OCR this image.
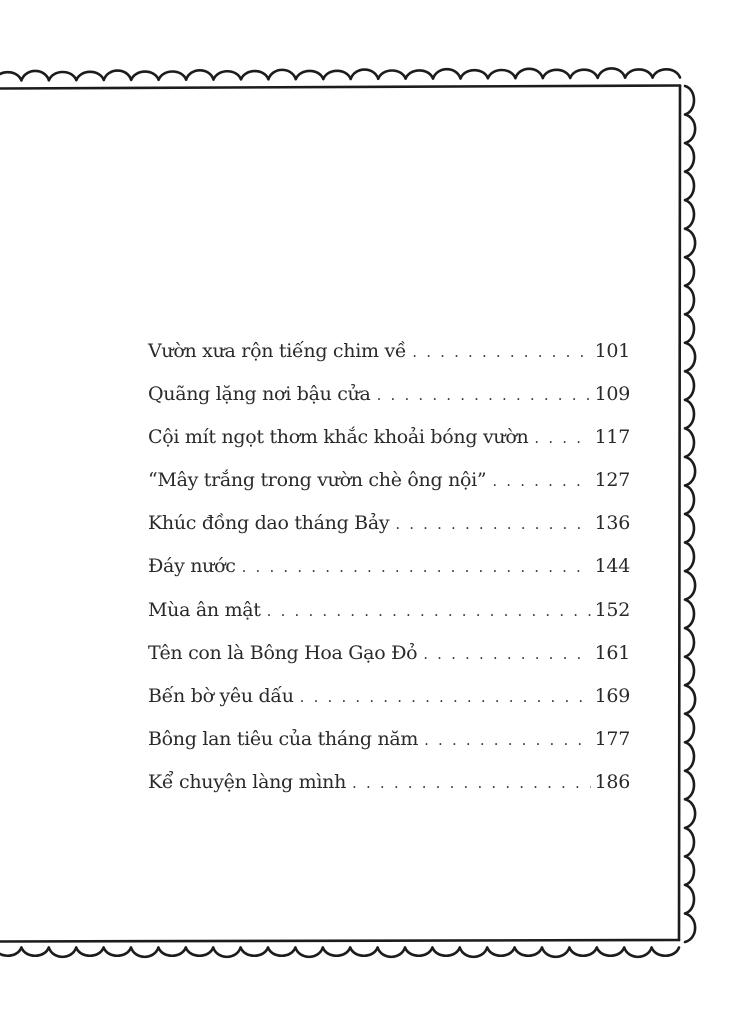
Vườn xưa rộn tiếng chim về . . .	101
Quãng lặng nơi bậu cửa . . .	109
Cội mít ngọt thơm khắc khoải bóng vườn . . .	117
“Mây trắng trong vườn chè ông nội” . . .	127
Khúc đồng dao tháng Bảy . . .	136
Đáy nước . . .	144
Mùa ân mật . . .	152
Tên con là Bông Hoa Gạo Đỏ . . .	161
Bến bờ yêu dấu . . .	169
Bông lan tiêu của tháng năm . . .	177
Kể chuyện làng mình . . .	186
